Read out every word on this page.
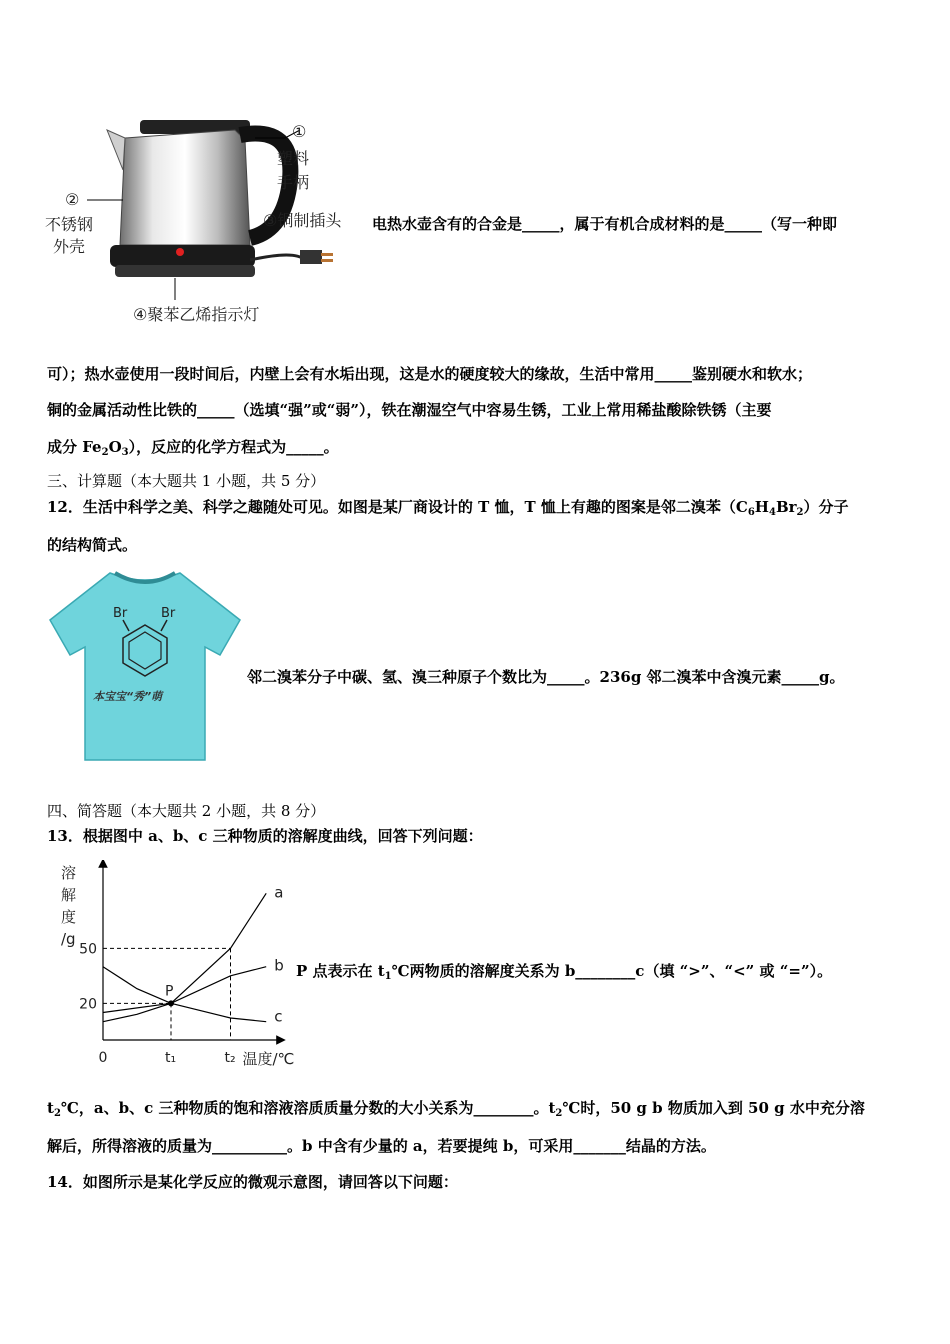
①
塑料
手柄
②
不锈钢
外壳
③铜制插头
④聚苯乙烯指示灯
电热水壶含有的合金是_____，属于有机合成材料的是_____（写一种即
可）；热水壶使用一段时间后，内壁上会有水垢出现，这是水的硬度较大的缘故，生活中常用_____鉴别硬水和软水；
铜的金属活动性比铁的_____（选填“强”或“弱”），铁在潮湿空气中容易生锈，工业上常用稀盐酸除铁锈（主要
成分 $Fe_2O_3$），反应的化学方程式为_____。
三、计算题（本大题共 1 小题，共 5 分）
12．生活中科学之美、科学之趣随处可见。如图是某厂商设计的 T 恤，T 恤上有趣的图案是邻二溴苯$(C_6H_4Br_2)$分子
的结构简式。
Br	Br
本宝宝“秀”萌
邻二溴苯分子中碳、氢、溴三种原子个数比为_____。236g 邻二溴苯中含溴元素_____g。
四、简答题（本大题共 2 小题，共 8 分）
13．根据图中 a、b、c 三种物质的溶解度曲线，回答下列问题：
溶
解
度
/g
0	t₁	t₂ 温度/℃
20
50
a
b
c
P
P 点表示在 $t_1℃$两物质的溶解度关系为 b________c（填 “>”、“<” 或 “=”）。
$t_2℃$，a、b、c 三种物质的饱和溶液溶质质量分数的大小关系为________。$t_2℃$时，50 g b 物质加入到 50 g 水中充分溶
解后，所得溶液的质量为__________。b 中含有少量的 a，若要提纯 b，可采用_______结晶的方法。
14．如图所示是某化学反应的微观示意图，请回答以下问题：
